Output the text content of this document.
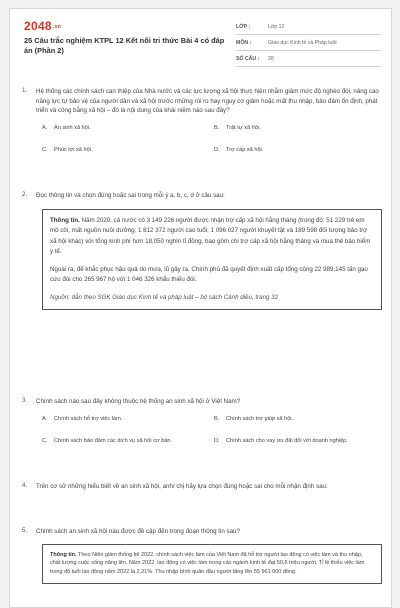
2048.vn
25 Câu trắc nghiệm KTPL 12 Kết nối tri thức Bài 4 có đáp án (Phần 2)
LỚP :	Lớp 12
MÔN :	Giáo dục Kinh tế và Pháp luật
SỐ CÂU :	28
1.	Hệ thống các chính sách can thiệp của Nhà nước và các lực lượng xã hội thực hiện nhằm giảm mức độ nghèo đói, nâng cao năng lực tự bảo vệ của người dân và xã hội trước những rủi ro hay nguy cơ giảm hoặc mất thu nhập, bảo đảm ổn định, phát triển và công bằng xã hội – đó là nội dung của khái niệm nào sau đây?
A.	An sinh xã hội.	B.	Trật tự xã hội.
C.	Phúc lợi xã hội.	D.	Trợ cấp xã hội.
2.	Đọc thông tin và chọn đúng hoặc sai trong mỗi ý a, b, c, d ở câu sau:

Thông tin. Năm 2020, cả nước có 3 149 226 người được nhận trợ cấp xã hội hằng tháng (trong đó: 51 229 trẻ em mồ côi, mất nguồn nuôi dưỡng; 1 812 372 người cao tuổi; 1 096 027 người khuyết tật và 189 598 đối tượng bảo trợ xã hội khác) với tổng kinh phí hơn 18,050 nghìn tỉ đồng, bao gồm chi trợ cấp xã hội hằng tháng và mua thẻ bảo hiểm y tế.

Ngoài ra, để khắc phục hậu quả do mưa, lũ gây ra, Chính phủ đã quyết định xuất cấp tổng cộng 22 989,145 tấn gạo cứu đói cho 265 967 hộ với 1 046 326 khẩu thiếu đói.

Nguồn: dẫn theo SGK Giáo dục Kinh tế và pháp luật – bộ sách Cánh diều, trang 32

3.	Chính sách nào sau đây không thuộc hệ thống an sinh xã hội ở Việt Nam?
A.	Chính sách hỗ trợ việc làm.	B.	Chính sách trợ giúp xã hội.
C.	Chính sách bảo đảm các dịch vụ xã hội cơ bản.	D.	Chính sách cho vay ưu đãi đối với doanh nghiệp.
4.	Trên cơ sở những hiểu biết về an sinh xã hội, anh/ chị hãy lựa chọn đúng hoặc sai cho mỗi nhận định sau:
5.	Chính sách an sinh xã hội nào được đề cập đến trong đoạn thông tin sau?

Thông tin. Theo Niên giám thống kê 2022, chính sách việc làm của Việt Nam đã hỗ trợ người lao động có việc làm và thu nhập, chất lượng cuộc sống nâng lên. Năm 2022, lao động có việc làm trong các ngành kinh tế đạt 50,6 triệu người. Tỉ lệ thiếu việc làm trong độ tuổi lao động năm 2022 là 2,21%. Thu nhập bình quân đầu người tăng lên 55 961 000 đồng.
